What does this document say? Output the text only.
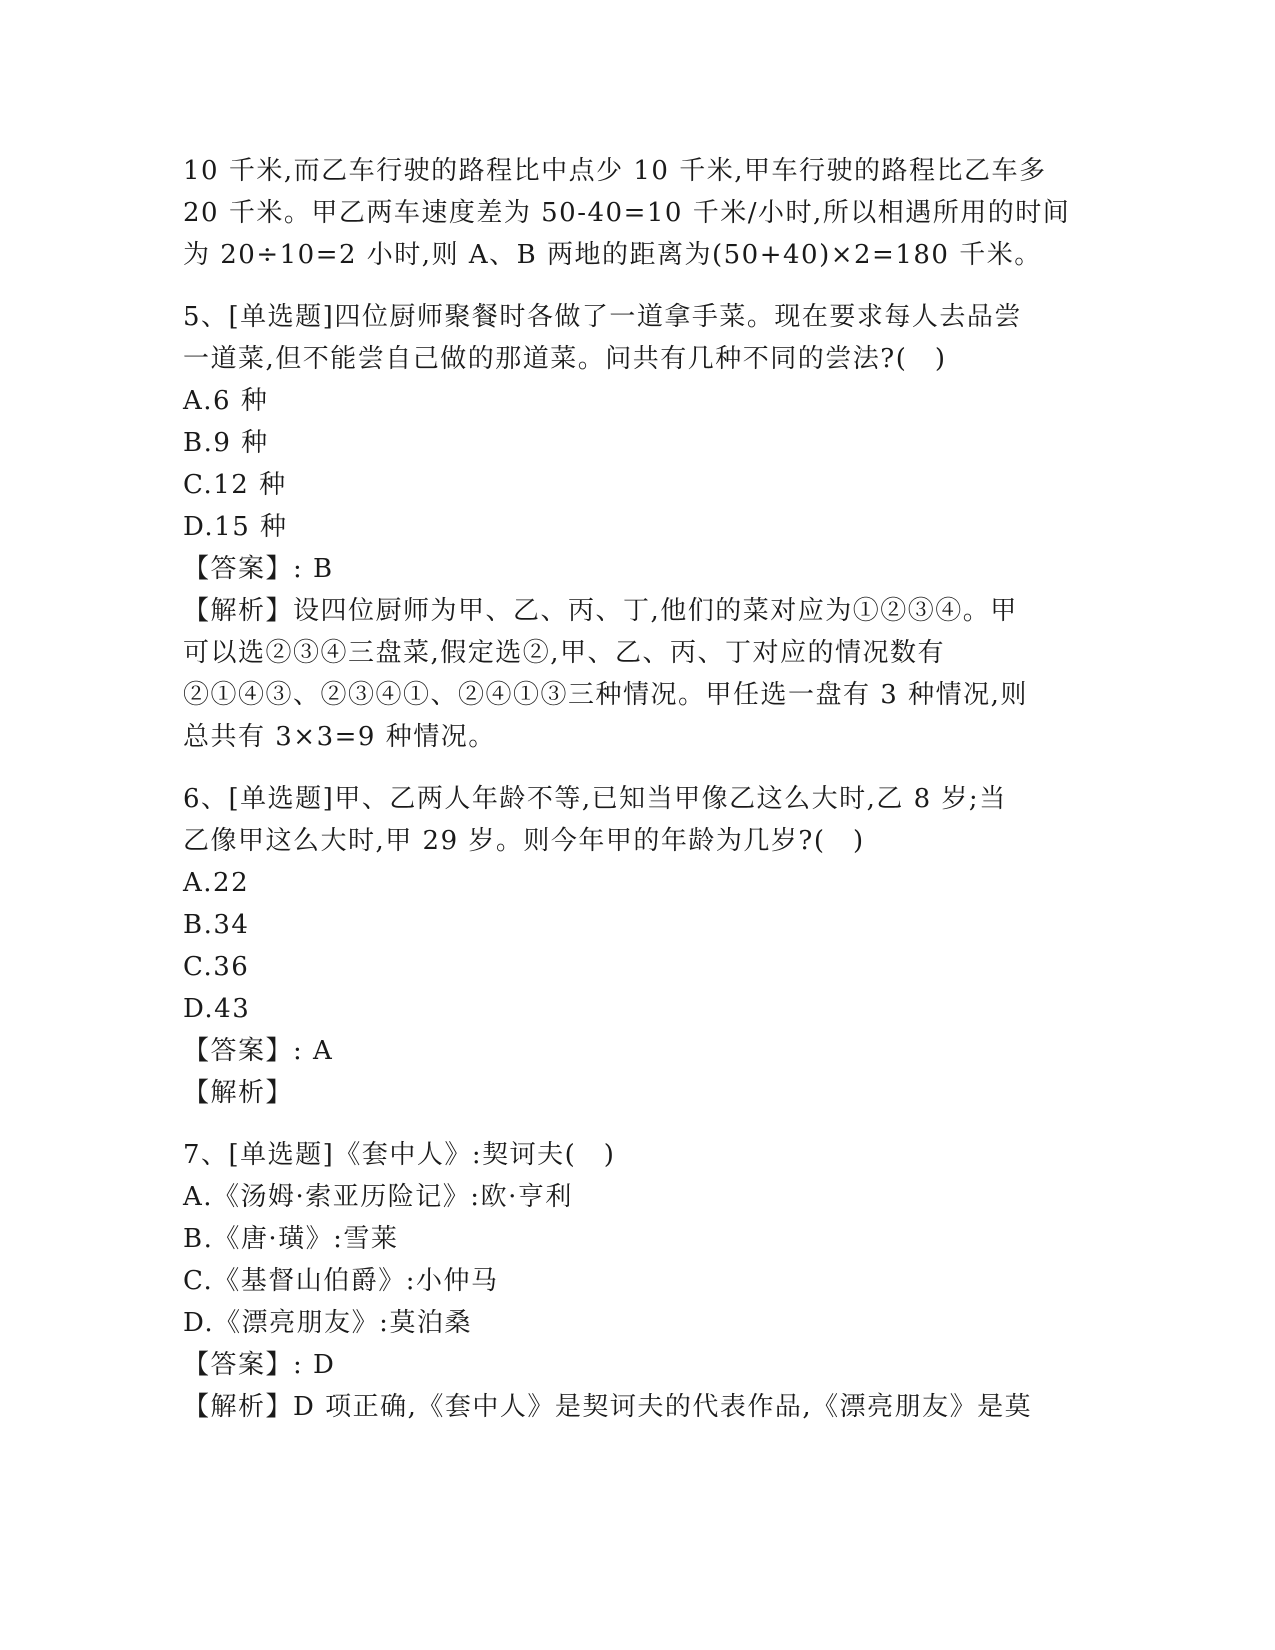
10 千米,而乙车行驶的路程比中点少 10 千米,甲车行驶的路程比乙车多
20 千米。甲乙两车速度差为 50-40=10 千米/小时,所以相遇所用的时间
为 20÷10=2 小时,则 A、B 两地的距离为(50+40)×2=180 千米。
5、[单选题]四位厨师聚餐时各做了一道拿手菜。现在要求每人去品尝
一道菜,但不能尝自己做的那道菜。问共有几种不同的尝法?(　)
A.6 种
B.9 种
C.12 种
D.15 种
【答案】: B
【解析】设四位厨师为甲、乙、丙、丁,他们的菜对应为①②③④。甲
可以选②③④三盘菜,假定选②,甲、乙、丙、丁对应的情况数有
②①④③、②③④①、②④①③三种情况。甲任选一盘有 3 种情况,则
总共有 3×3=9 种情况。
6、[单选题]甲、乙两人年龄不等,已知当甲像乙这么大时,乙 8 岁;当
乙像甲这么大时,甲 29 岁。则今年甲的年龄为几岁?(　)
A.22
B.34
C.36
D.43
【答案】: A
【解析】
7、[单选题]《套中人》:契诃夫(　)
A.《汤姆·索亚历险记》:欧·亨利
B.《唐·璜》:雪莱
C.《基督山伯爵》:小仲马
D.《漂亮朋友》:莫泊桑
【答案】: D
【解析】D 项正确,《套中人》是契诃夫的代表作品,《漂亮朋友》是莫
